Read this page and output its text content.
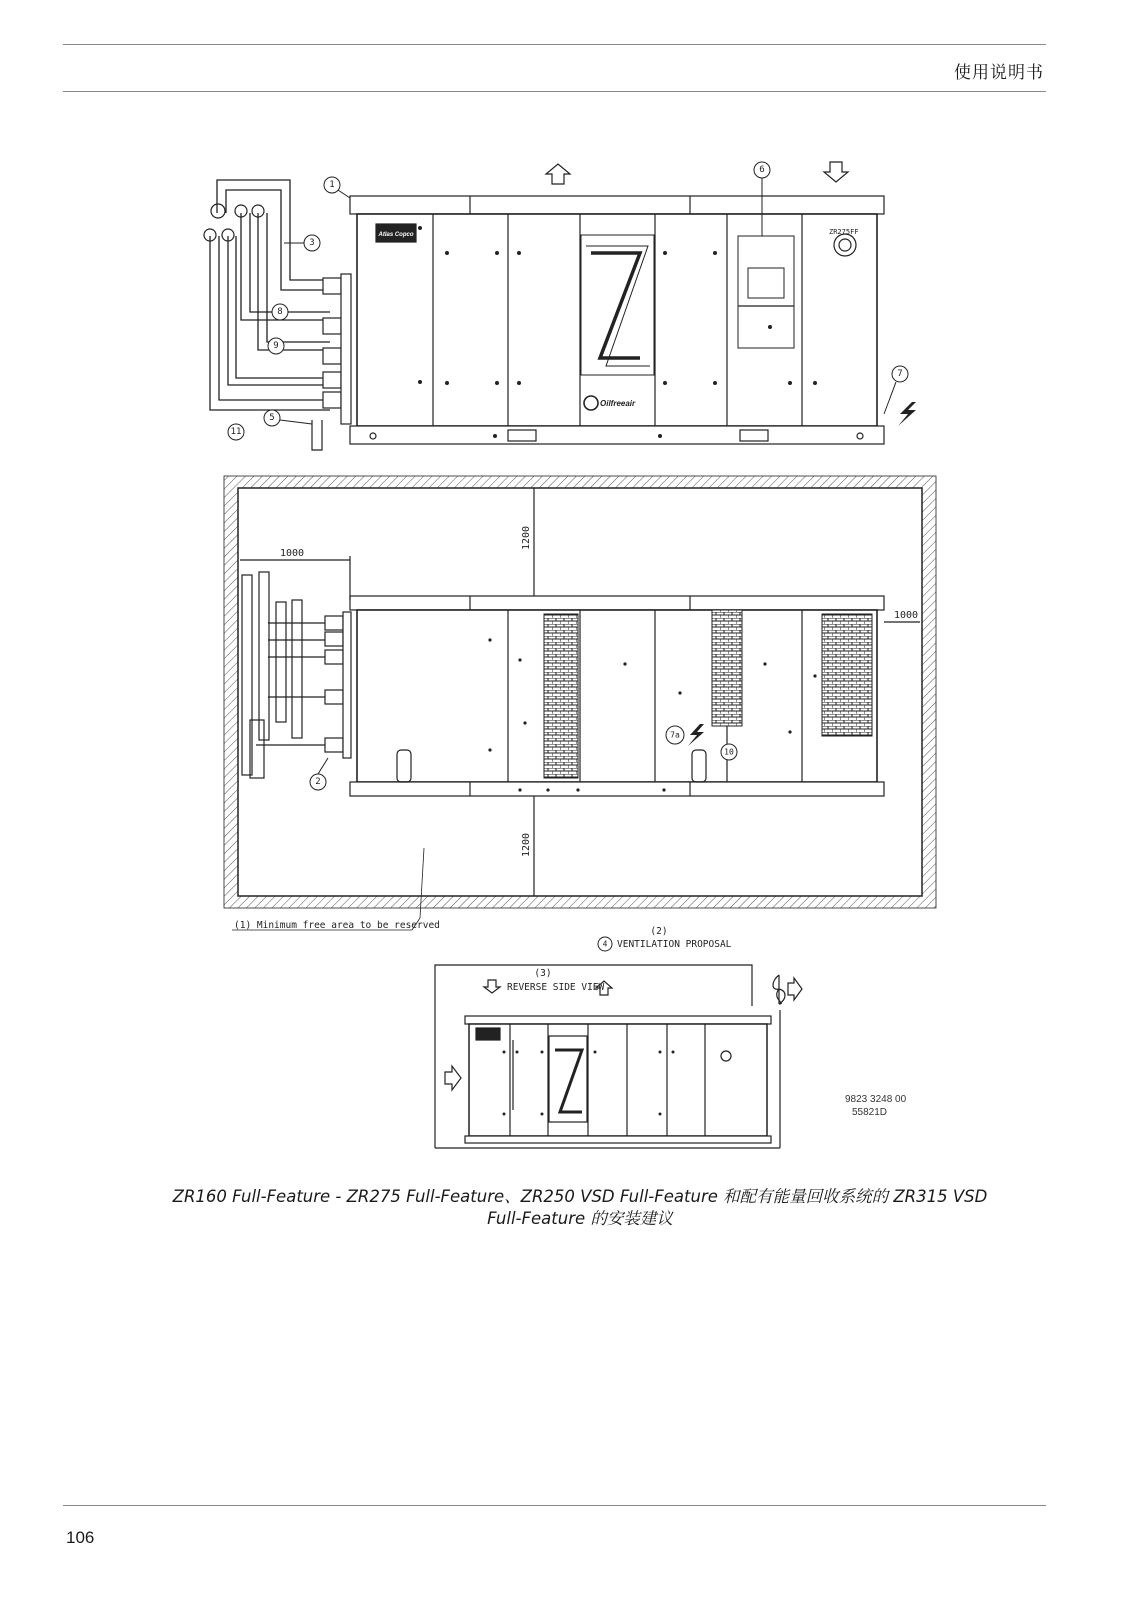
使用说明书
1
3
8
9
5
11
6
7
ZR275FF
Atlas Copco
Oilfreeair
2
7a
10
1200
1200
1000
1000
(1) Minimum free area to be reserved
(2)
4 VENTILATION PROPOSAL
(3)
REVERSE SIDE VIEW
9823 3248 00
55821D
ZR160 Full-Feature - ZR275 Full-Feature、ZR250 VSD Full-Feature 和配有能量回收系统的 ZR315 VSD
Full-Feature 的安装建议
106
